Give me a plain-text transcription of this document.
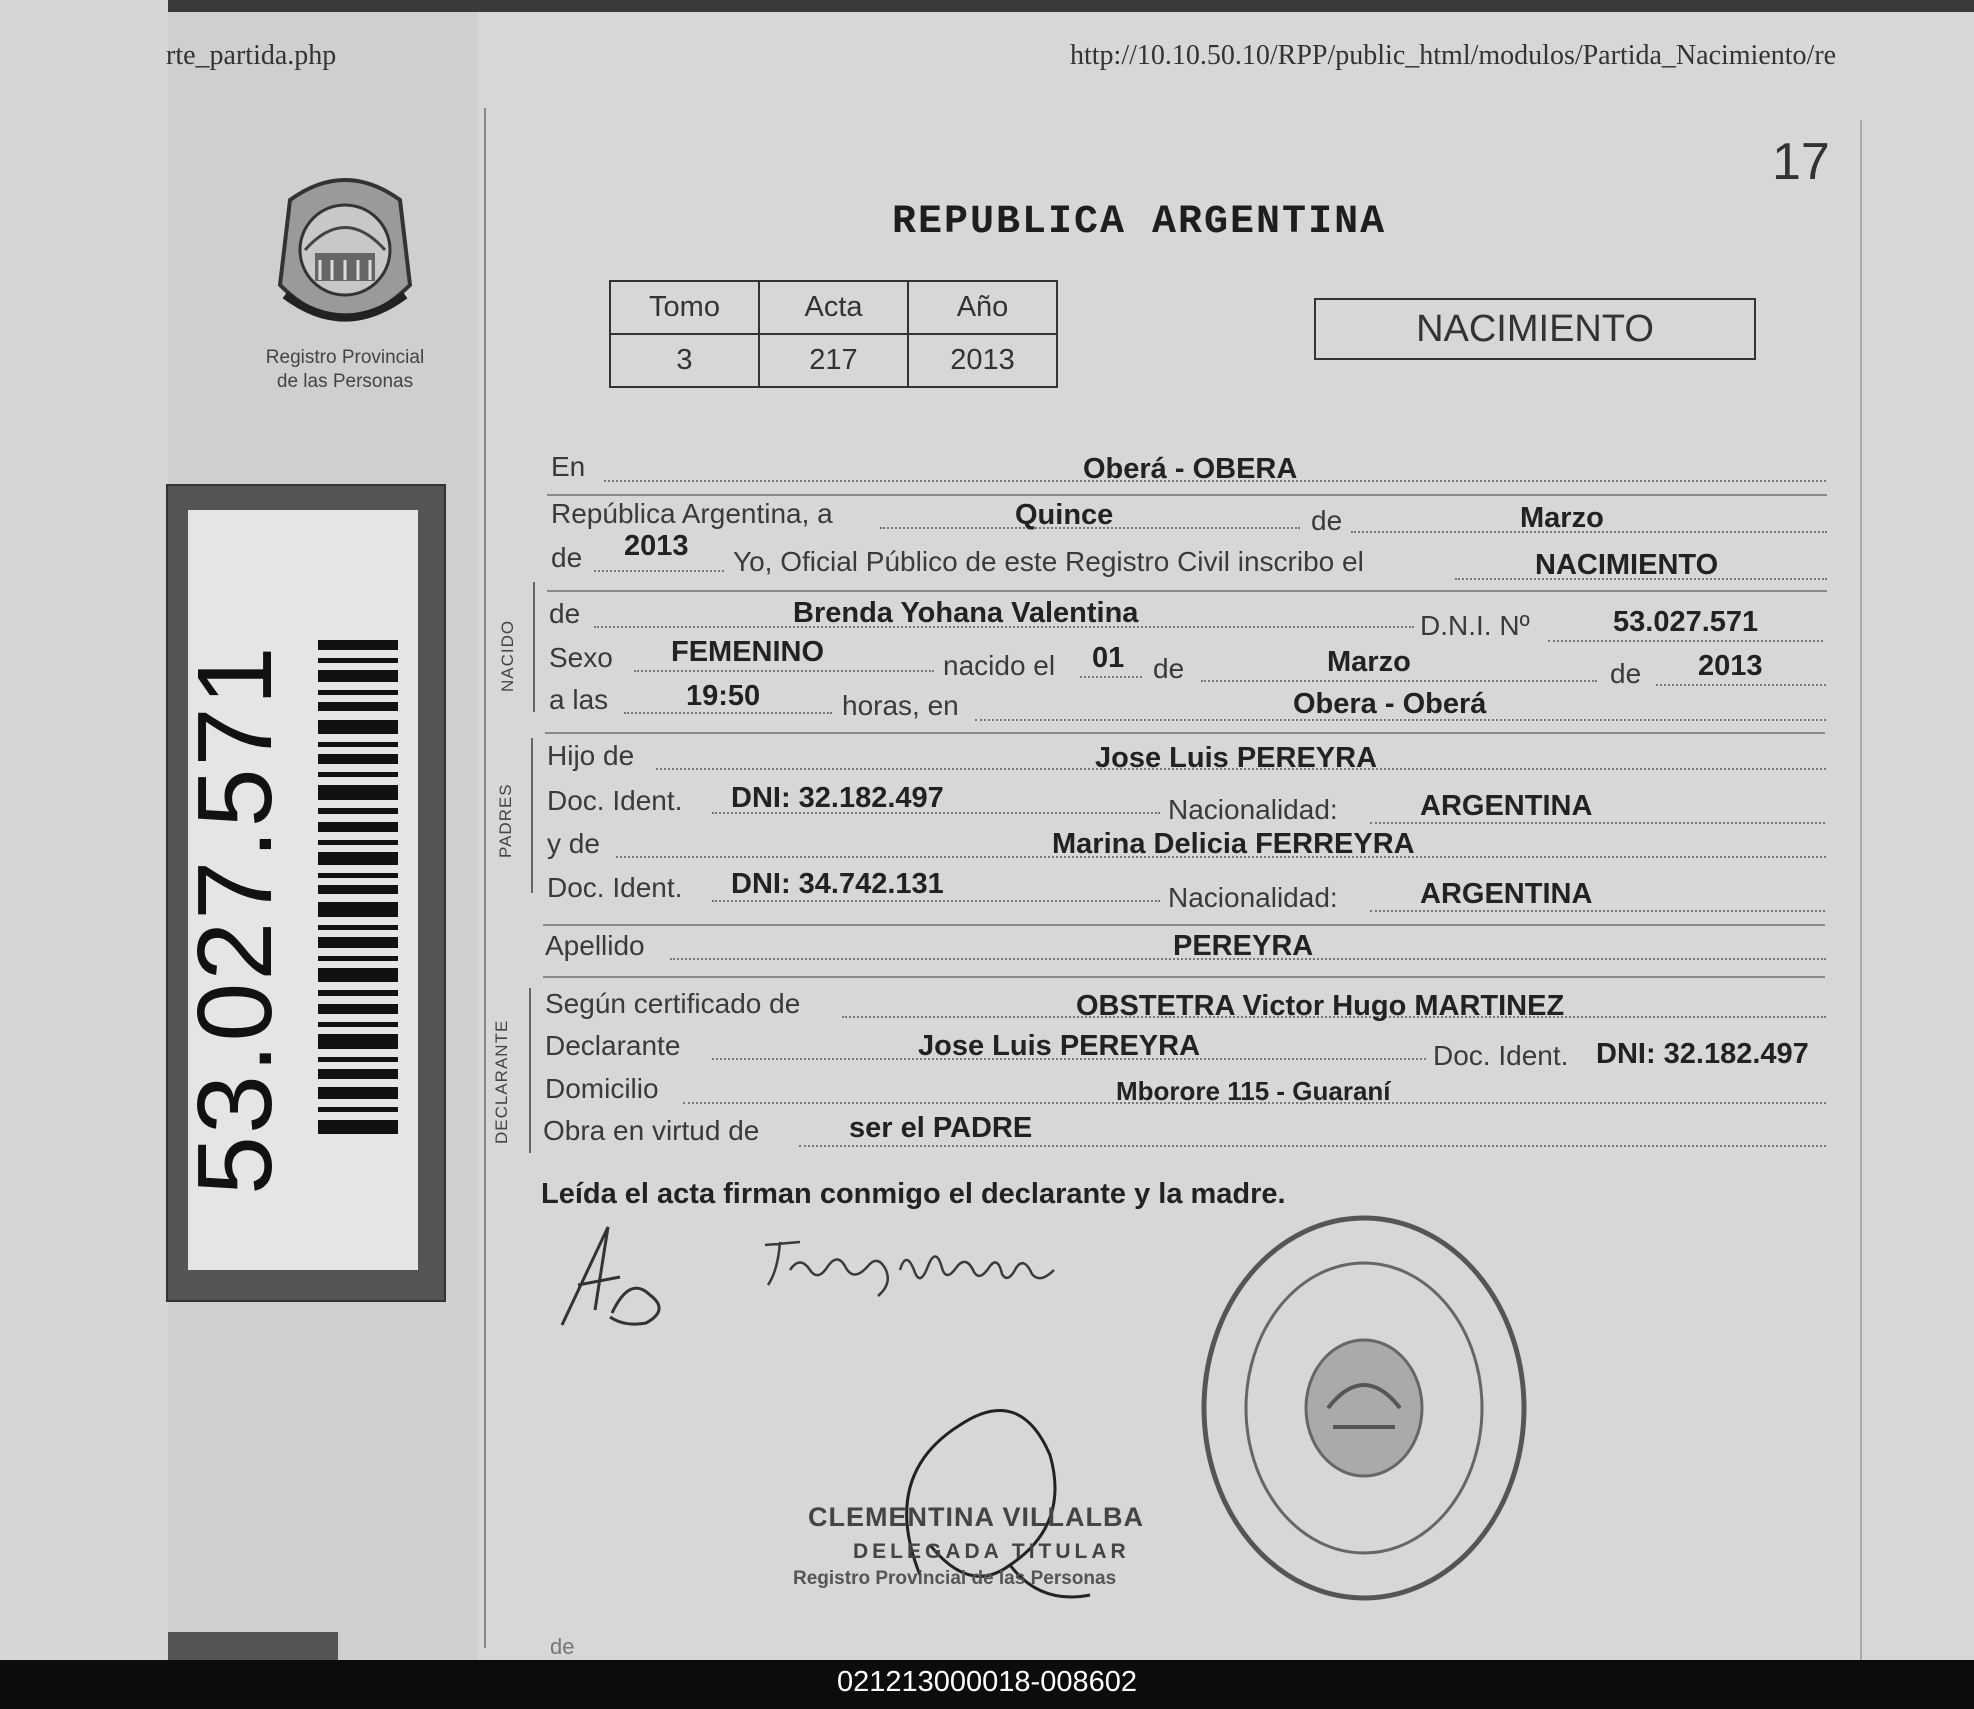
rte_partida.php	http://10.10.50.10/RPP/public_html/modulos/Partida_Nacimiento/re
17
Registro Provincial
de las Personas
53.027.571
REPUBLICA ARGENTINA
Tomo	Acta	Año
3	217	2013
NACIMIENTO
NACIDO
PADRES
DECLARANTE
En	Oberá - OBERA
República Argentina, a	Quince	de	Marzo
de 2013 Yo, Oficial Público de este Registro Civil inscribo el	NACIMIENTO
de	Brenda Yohana Valentina	D.N.I. Nº	53.027.571
Sexo FEMENINO	nacido el 01 de	Marzo	de 2013
a las	19:50	horas, en	Obera - Oberá
Hijo de	Jose Luis PEREYRA
Doc. Ident. DNI: 32.182.497	Nacionalidad:	ARGENTINA
y de	Marina Delicia FERREYRA
Doc. Ident. DNI: 34.742.131	Nacionalidad:	ARGENTINA
Apellido	PEREYRA
Según certificado de	OBSTETRA Victor Hugo MARTINEZ
Declarante	Jose Luis PEREYRA	Doc. Ident. DNI: 32.182.497
Domicilio	Mborore 115 - Guaraní
Obra en virtud de	ser el PADRE
Leída el acta firman conmigo el declarante y la madre.
CLEMENTINA VILLALBA
DELEGADA TITULAR
Registro Provincial de las Personas
de
021213000018-008602
